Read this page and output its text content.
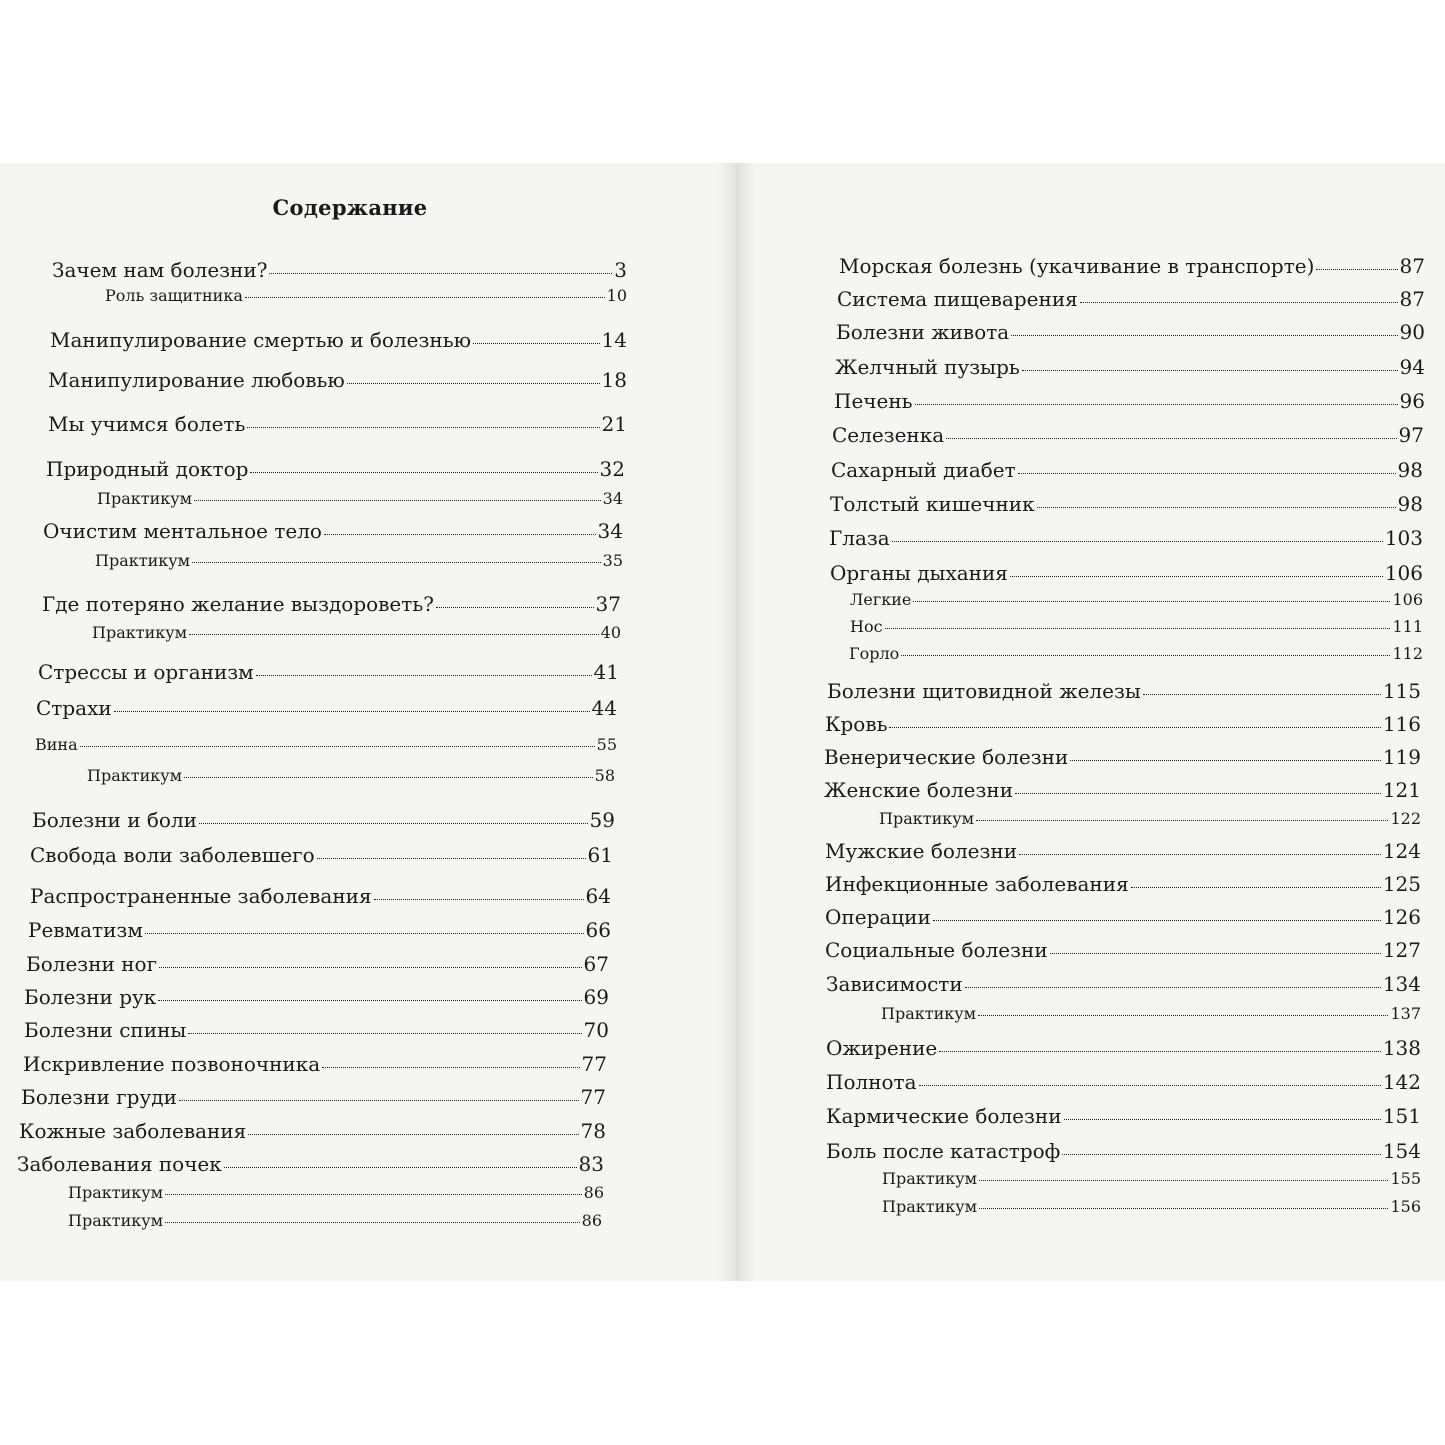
Содержание
Зачем нам болезни?	3
Роль защитника	10
Манипулирование смертью и болезнью	14
Манипулирование любовью	18
Мы учимся болеть	21
Природный доктор	32
Практикум	34
Очистим ментальное тело	34
Практикум	35
Где потеряно желание выздороветь?	37
Практикум	40
Стрессы и организм	41
Страхи	44
Вина	55
Практикум	58
Болезни и боли	59
Свобода воли заболевшего	61
Распространенные заболевания	64
Ревматизм	66
Болезни ног	67
Болезни рук	69
Болезни спины	70
Искривление позвоночника	77
Болезни груди	77
Кожные заболевания	78
Заболевания почек	83
Практикум	86
Практикум	86
Морская болезнь (укачивание в транспорте)	87
Система пищеварения	87
Болезни живота	90
Желчный пузырь	94
Печень	96
Селезенка	97
Сахарный диабет	98
Толстый кишечник	98
Глаза	103
Органы дыхания	106
Легкие	106
Нос	111
Горло	112
Болезни щитовидной железы	115
Кровь	116
Венерические болезни	119
Женские болезни	121
Практикум	122
Мужские болезни	124
Инфекционные заболевания	125
Операции	126
Социальные болезни	127
Зависимости	134
Практикум	137
Ожирение	138
Полнота	142
Кармические болезни	151
Боль после катастроф	154
Практикум	155
Практикум	156
